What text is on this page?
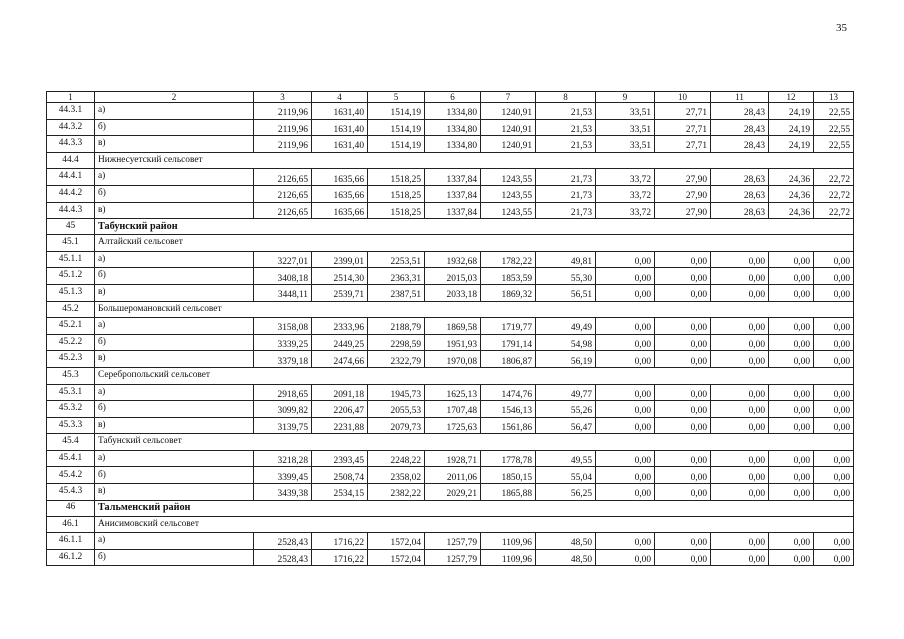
35
1	2	3	4	5	6	7	8	9	10	11	12	13
44.3.1	а)	2119,96	1631,40	1514,19	1334,80	1240,91	21,53	33,51	27,71	28,43	24,19	22,55
44.3.2	б)	2119,96	1631,40	1514,19	1334,80	1240,91	21,53	33,51	27,71	28,43	24,19	22,55
44.3.3	в)	2119,96	1631,40	1514,19	1334,80	1240,91	21,53	33,51	27,71	28,43	24,19	22,55
44.4	Нижнесуетский сельсовет											
44.4.1	а)	2126,65	1635,66	1518,25	1337,84	1243,55	21,73	33,72	27,90	28,63	24,36	22,72
44.4.2	б)	2126,65	1635,66	1518,25	1337,84	1243,55	21,73	33,72	27,90	28,63	24,36	22,72
44.4.3	в)	2126,65	1635,66	1518,25	1337,84	1243,55	21,73	33,72	27,90	28,63	24,36	22,72
45	Табунский район											
45.1	Алтайский сельсовет											
45.1.1	а)	3227,01	2399,01	2253,51	1932,68	1782,22	49,81	0,00	0,00	0,00	0,00	0,00
45.1.2	б)	3408,18	2514,30	2363,31	2015,03	1853,59	55,30	0,00	0,00	0,00	0,00	0,00
45.1.3	в)	3448,11	2539,71	2387,51	2033,18	1869,32	56,51	0,00	0,00	0,00	0,00	0,00
45.2	Большеромановский сельсовет											
45.2.1	а)	3158,08	2333,96	2188,79	1869,58	1719,77	49,49	0,00	0,00	0,00	0,00	0,00
45.2.2	б)	3339,25	2449,25	2298,59	1951,93	1791,14	54,98	0,00	0,00	0,00	0,00	0,00
45.2.3	в)	3379,18	2474,66	2322,79	1970,08	1806,87	56,19	0,00	0,00	0,00	0,00	0,00
45.3	Серебропольский сельсовет											
45.3.1	а)	2918,65	2091,18	1945,73	1625,13	1474,76	49,77	0,00	0,00	0,00	0,00	0,00
45.3.2	б)	3099,82	2206,47	2055,53	1707,48	1546,13	55,26	0,00	0,00	0,00	0,00	0,00
45.3.3	в)	3139,75	2231,88	2079,73	1725,63	1561,86	56,47	0,00	0,00	0,00	0,00	0,00
45.4	Табунский сельсовет											
45.4.1	а)	3218,28	2393,45	2248,22	1928,71	1778,78	49,55	0,00	0,00	0,00	0,00	0,00
45.4.2	б)	3399,45	2508,74	2358,02	2011,06	1850,15	55,04	0,00	0,00	0,00	0,00	0,00
45.4.3	в)	3439,38	2534,15	2382,22	2029,21	1865,88	56,25	0,00	0,00	0,00	0,00	0,00
46	Тальменский район											
46.1	Анисимовский сельсовет											
46.1.1	а)	2528,43	1716,22	1572,04	1257,79	1109,96	48,50	0,00	0,00	0,00	0,00	0,00
46.1.2	б)	2528,43	1716,22	1572,04	1257,79	1109,96	48,50	0,00	0,00	0,00	0,00	0,00
